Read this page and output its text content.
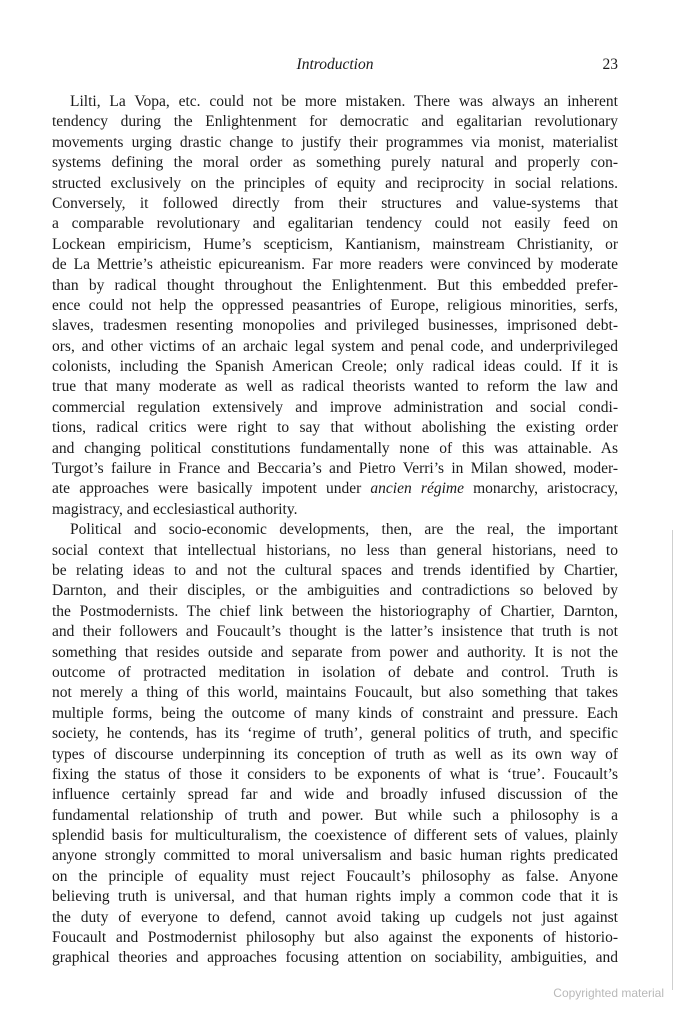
Introduction	23
Lilti, La Vopa, etc. could not be more mistaken. There was always an inherent
tendency during the Enlightenment for democratic and egalitarian revolutionary
movements urging drastic change to justify their programmes via monist, materialist
systems defining the moral order as something purely natural and properly con-
structed exclusively on the principles of equity and reciprocity in social relations.
Conversely, it followed directly from their structures and value-systems that
a comparable revolutionary and egalitarian tendency could not easily feed on
Lockean empiricism, Hume’s scepticism, Kantianism, mainstream Christianity, or
de La Mettrie’s atheistic epicureanism. Far more readers were convinced by moderate
than by radical thought throughout the Enlightenment. But this embedded prefer-
ence could not help the oppressed peasantries of Europe, religious minorities, serfs,
slaves, tradesmen resenting monopolies and privileged businesses, imprisoned debt-
ors, and other victims of an archaic legal system and penal code, and underprivileged
colonists, including the Spanish American Creole; only radical ideas could. If it is
true that many moderate as well as radical theorists wanted to reform the law and
commercial regulation extensively and improve administration and social condi-
tions, radical critics were right to say that without abolishing the existing order
and changing political constitutions fundamentally none of this was attainable. As
Turgot’s failure in France and Beccaria’s and Pietro Verri’s in Milan showed, moder-
ate approaches were basically impotent under ancien régime monarchy, aristocracy,
magistracy, and ecclesiastical authority.
Political and socio-economic developments, then, are the real, the important
social context that intellectual historians, no less than general historians, need to
be relating ideas to and not the cultural spaces and trends identified by Chartier,
Darnton, and their disciples, or the ambiguities and contradictions so beloved by
the Postmodernists. The chief link between the historiography of Chartier, Darnton,
and their followers and Foucault’s thought is the latter’s insistence that truth is not
something that resides outside and separate from power and authority. It is not the
outcome of protracted meditation in isolation of debate and control. Truth is
not merely a thing of this world, maintains Foucault, but also something that takes
multiple forms, being the outcome of many kinds of constraint and pressure. Each
society, he contends, has its ‘regime of truth’, general politics of truth, and specific
types of discourse underpinning its conception of truth as well as its own way of
fixing the status of those it considers to be exponents of what is ‘true’. Foucault’s
influence certainly spread far and wide and broadly infused discussion of the
fundamental relationship of truth and power. But while such a philosophy is a
splendid basis for multiculturalism, the coexistence of different sets of values, plainly
anyone strongly committed to moral universalism and basic human rights predicated
on the principle of equality must reject Foucault’s philosophy as false. Anyone
believing truth is universal, and that human rights imply a common code that it is
the duty of everyone to defend, cannot avoid taking up cudgels not just against
Foucault and Postmodernist philosophy but also against the exponents of historio-
graphical theories and approaches focusing attention on sociability, ambiguities, and
Copyrighted material
